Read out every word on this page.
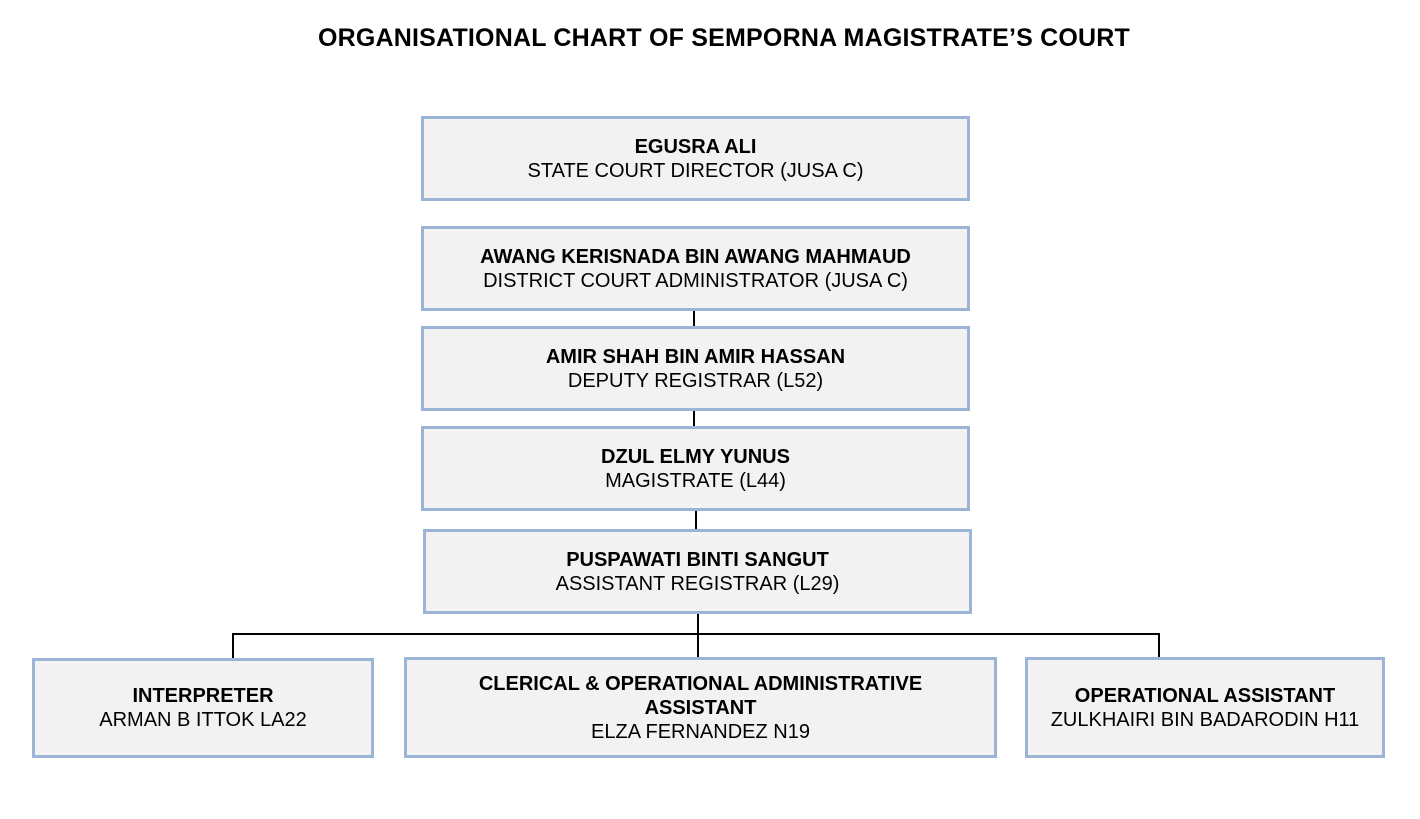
ORGANISATIONAL CHART OF SEMPORNA MAGISTRATE’S COURT
EGUSRA ALI
STATE COURT DIRECTOR (JUSA C)
AWANG KERISNADA BIN AWANG MAHMAUD
DISTRICT COURT ADMINISTRATOR (JUSA C)
AMIR SHAH BIN AMIR HASSAN
DEPUTY REGISTRAR (L52)
DZUL ELMY YUNUS
MAGISTRATE (L44)
PUSPAWATI BINTI SANGUT
ASSISTANT REGISTRAR (L29)
INTERPRETER
ARMAN B ITTOK LA22
CLERICAL & OPERATIONAL ADMINISTRATIVE ASSISTANT
ELZA FERNANDEZ N19
OPERATIONAL ASSISTANT
ZULKHAIRI BIN BADARODIN H11
